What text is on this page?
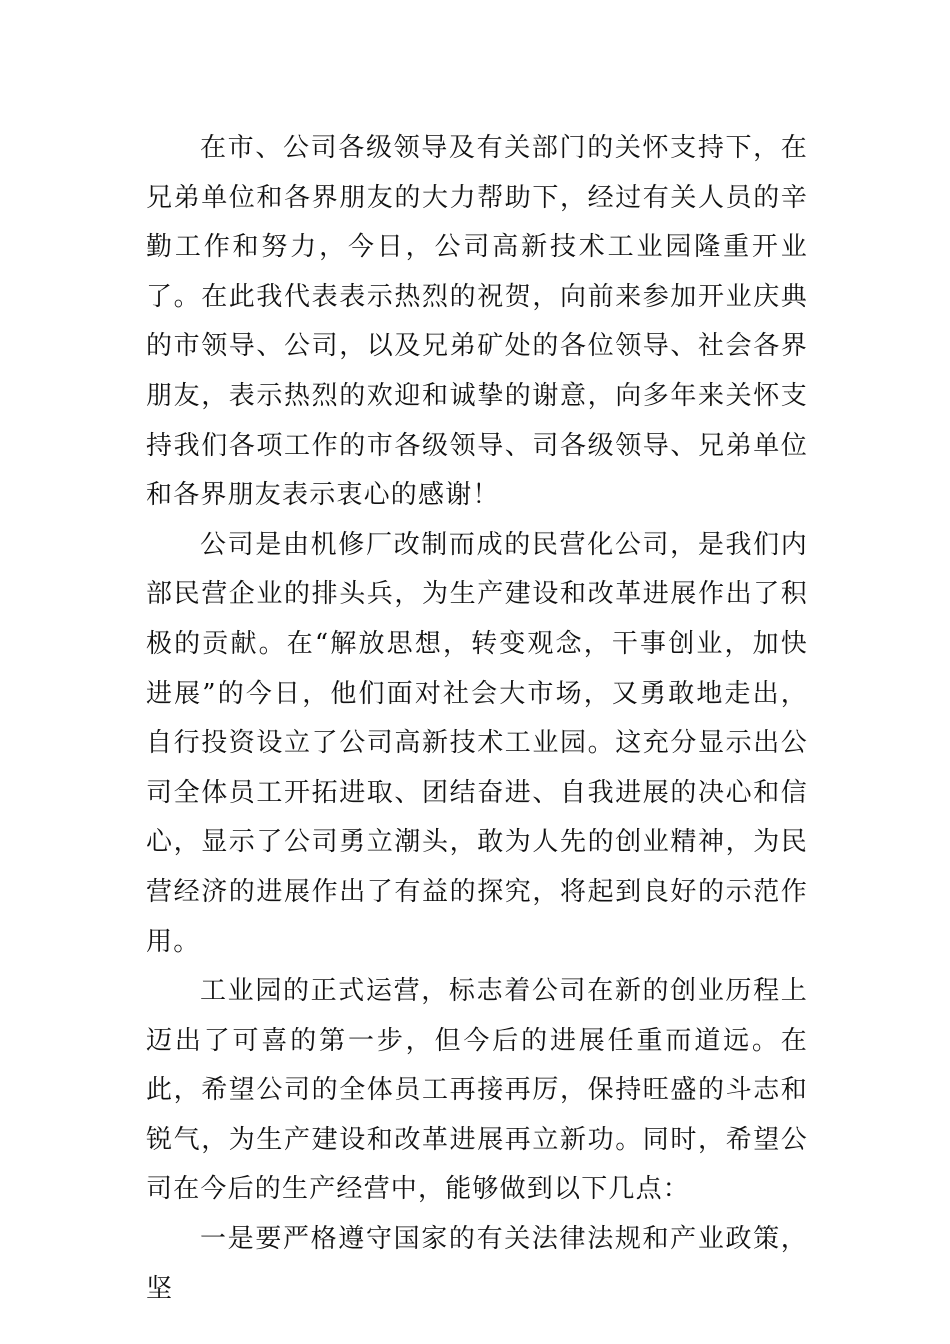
在市、公司各级领导及有关部门的关怀支持下，在兄弟单位和各界朋友的大力帮助下，经过有关人员的辛勤工作和努力，今日，公司高新技术工业园隆重开业了。在此我代表表示热烈的祝贺，向前来参加开业庆典的市领导、公司，以及兄弟矿处的各位领导、社会各界朋友，表示热烈的欢迎和诚挚的谢意，向多年来关怀支持我们各项工作的市各级领导、司各级领导、兄弟单位和各界朋友表示衷心的感谢！

公司是由机修厂改制而成的民营化公司，是我们内部民营企业的排头兵，为生产建设和改革进展作出了积极的贡献。在“解放思想，转变观念，干事创业，加快进展”的今日，他们面对社会大市场，又勇敢地走出，自行投资设立了公司高新技术工业园。这充分显示出公司全体员工开拓进取、团结奋进、自我进展的决心和信心，显示了公司勇立潮头，敢为人先的创业精神，为民营经济的进展作出了有益的探究，将起到良好的示范作用。

工业园的正式运营，标志着公司在新的创业历程上迈出了可喜的第一步，但今后的进展任重而道远。在此，希望公司的全体员工再接再厉，保持旺盛的斗志和锐气，为生产建设和改革进展再立新功。同时，希望公司在今后的生产经营中，能够做到以下几点：

一是要严格遵守国家的有关法律法规和产业政策，坚
